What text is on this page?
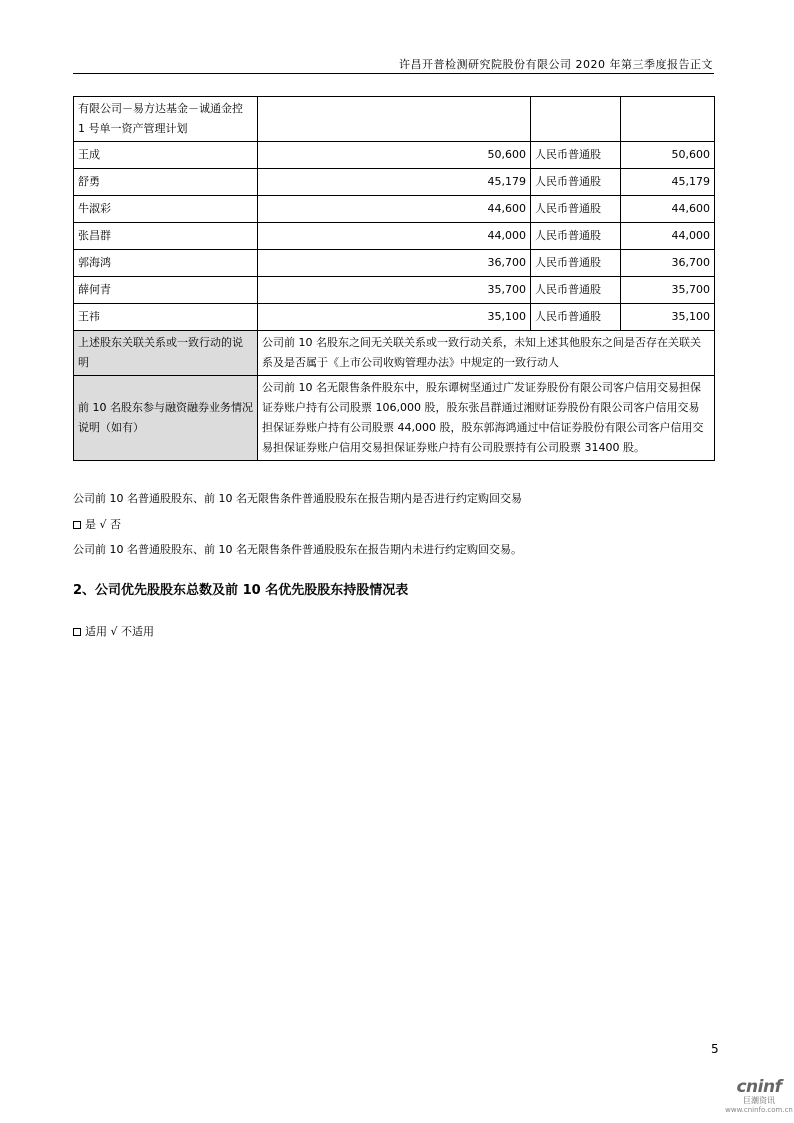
许昌开普检测研究院股份有限公司 2020 年第三季度报告正文
有限公司－易方达基金－诚通金控 1 号单一资产管理计划			
王成	50,600	人民币普通股	50,600
舒勇	45,179	人民币普通股	45,179
牛淑彩	44,600	人民币普通股	44,600
张昌群	44,000	人民币普通股	44,000
郭海鸿	36,700	人民币普通股	36,700
薛何青	35,700	人民币普通股	35,700
王祎	35,100	人民币普通股	35,100
上述股东关联关系或一致行动的说明	公司前 10 名股东之间无关联关系或一致行动关系，未知上述其他股东之间是否存在关联关系及是否属于《上市公司收购管理办法》中规定的一致行动人		
前 10 名股东参与融资融券业务情况说明（如有）	公司前 10 名无限售条件股东中，股东谭树坚通过广发证券股份有限公司客户信用交易担保证券账户持有公司股票 106,000 股，股东张昌群通过湘财证券股份有限公司客户信用交易担保证券账户持有公司股票 44,000 股，股东郭海鸿通过中信证券股份有限公司客户信用交易担保证券账户信用交易担保证券账户持有公司股票持有公司股票 31400 股。		
公司前 10 名普通股股东、前 10 名无限售条件普通股股东在报告期内是否进行约定购回交易
是 √ 否
公司前 10 名普通股股东、前 10 名无限售条件普通股股东在报告期内未进行约定购回交易。
2、公司优先股股东总数及前 10 名优先股股东持股情况表
适用 √ 不适用
5
cninf
巨潮资讯
www.cninfo.com.cn
